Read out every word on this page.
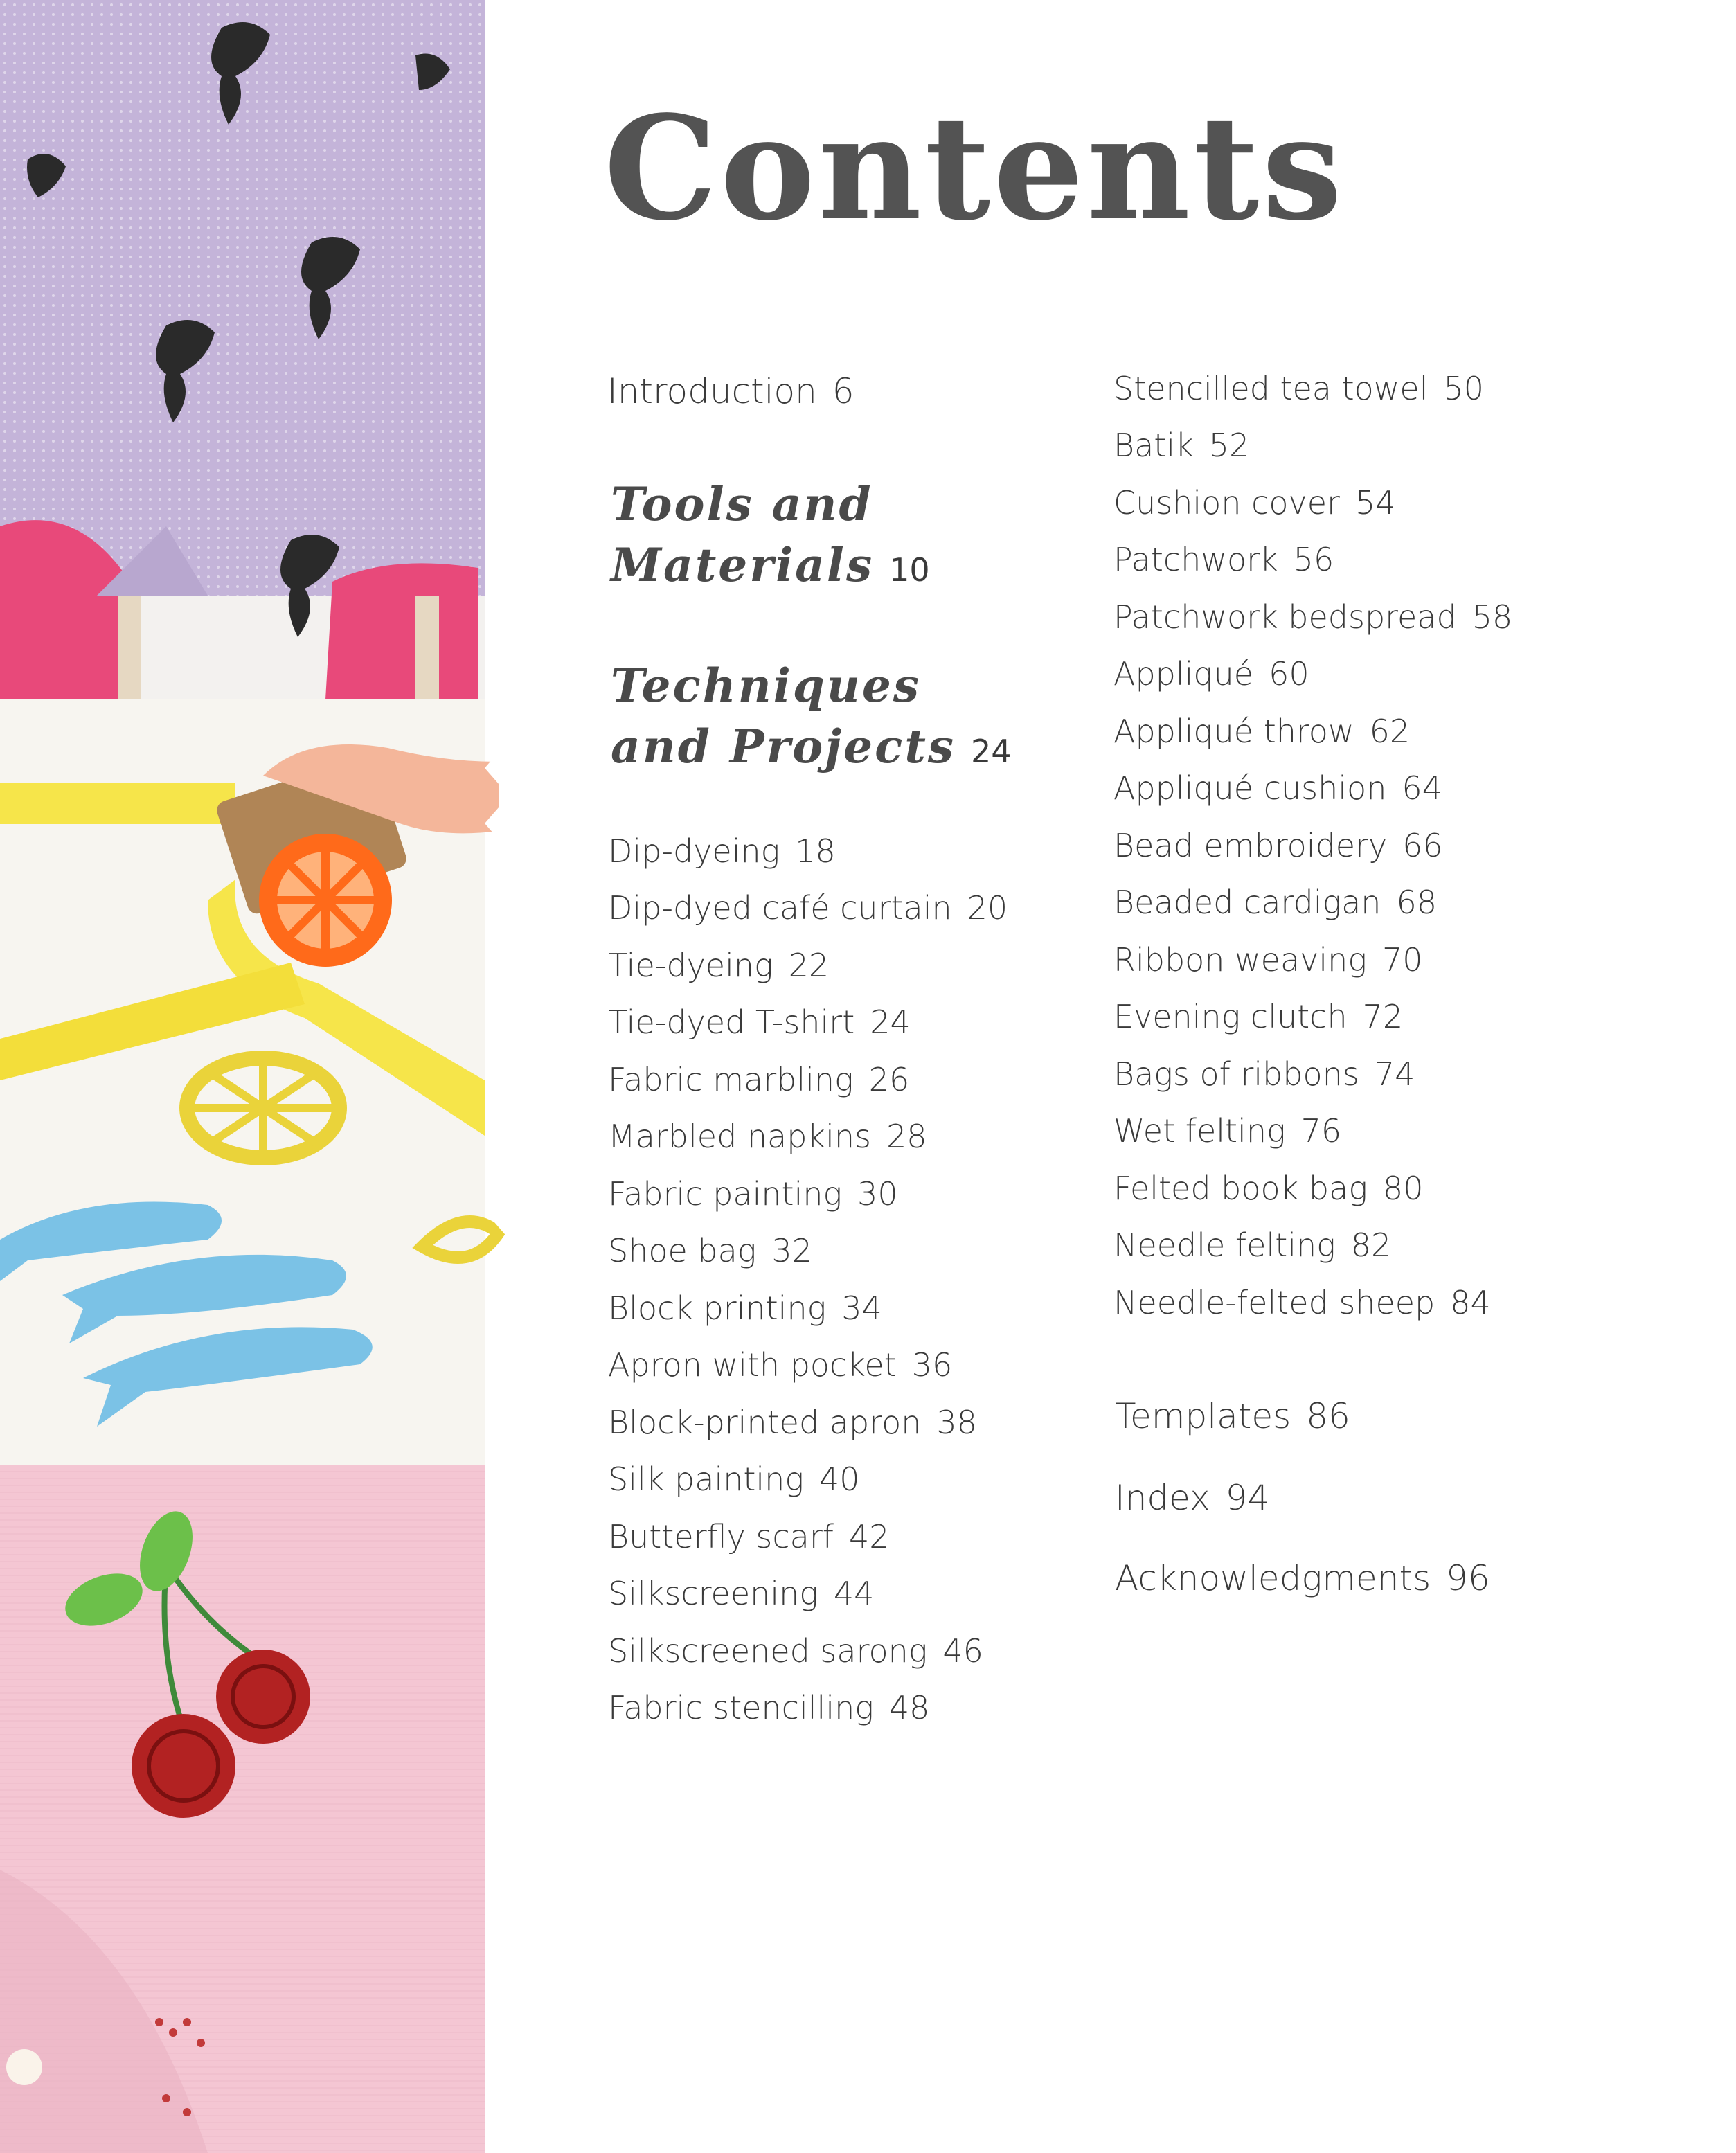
Contents
Introduction 6
Tools and
Materials 10
Techniques
and Projects 24
Dip-dyeing 18
Dip-dyed café curtain 20
Tie-dyeing 22
Tie-dyed T-shirt 24
Fabric marbling 26
Marbled napkins 28
Fabric painting 30
Shoe bag 32
Block printing 34
Apron with pocket 36
Block-printed apron 38
Silk painting 40
Butterfly scarf 42
Silkscreening 44
Silkscreened sarong 46
Fabric stencilling 48
Stencilled tea towel 50
Batik 52
Cushion cover 54
Patchwork 56
Patchwork bedspread 58
Appliqué 60
Appliqué throw 62
Appliqué cushion 64
Bead embroidery 66
Beaded cardigan 68
Ribbon weaving 70
Evening clutch 72
Bags of ribbons 74
Wet felting 76
Felted book bag 80
Needle felting 82
Needle-felted sheep 84
Templates 86
Index 94
Acknowledgments 96
